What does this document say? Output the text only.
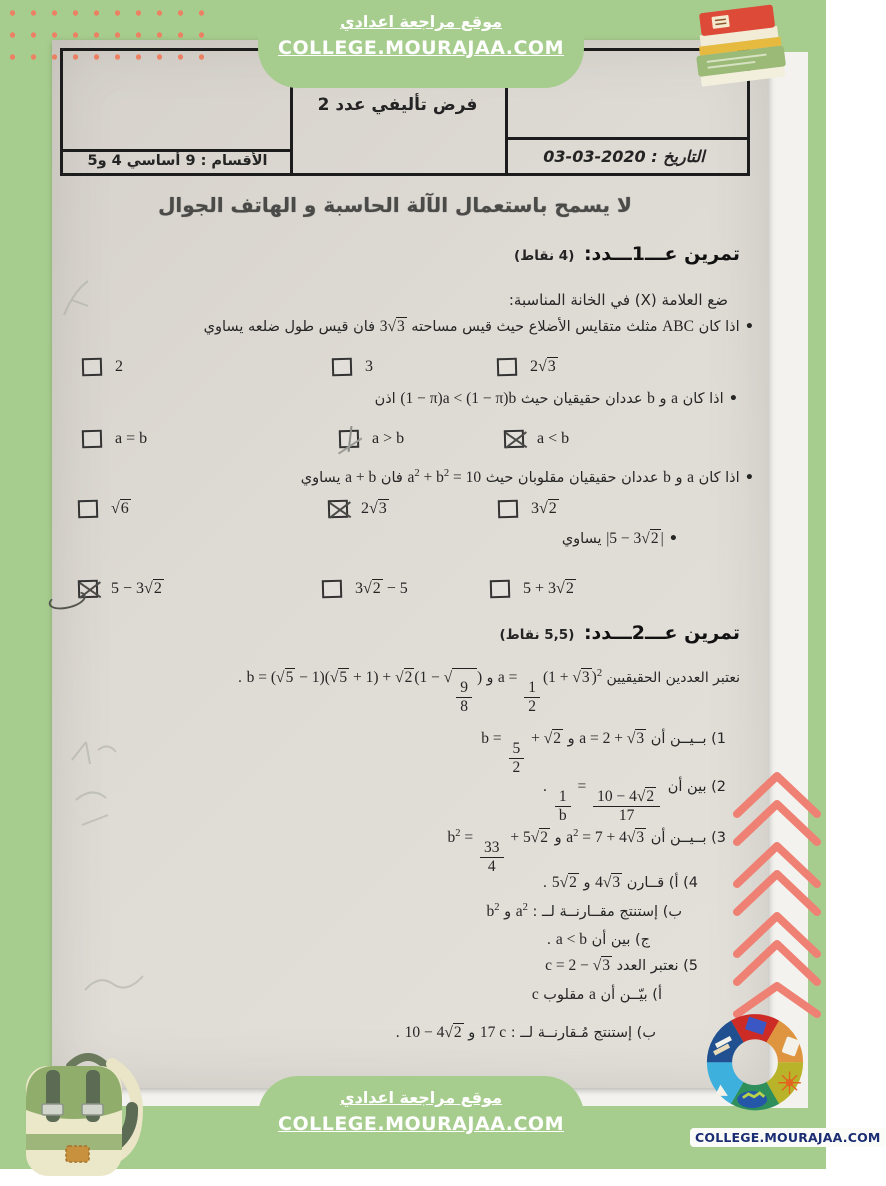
فرض تأليفي عدد 2
التاريخ : 2020-03-03
الأقسام : 9 أساسي 4 و5
لا يسمح باستعمال الآلة الحاسبة و الهاتف الجوال
تمرين عـــ1ـــدد: (4 نقاط)
ضع العلامة (X) في الخانة المناسبة:
• اذا كان ABC مثلث متقايس الأضلاع حيث قيس مساحته 3√3 فان قيس طول ضلعه يساوي
2	3	2√3
• اذا كان a و b عددان حقيقيان حيث (1 − π)a < (1 − π)b اذن
a = b	a > b	a < b
• اذا كان a و b عددان حقيقيان مقلوبان حيث $a^2 + b^2 = 10$ فان a + b يساوي
√6	2√3	3√2
• |5 − 3√2 | يساوي
5 − 3√2	3√2 − 5	5 + 3√2
تمرين عـــ2ـــدد: (5,5 نقاط)
نعتبر العددين الحقيقيين a =
$\frac{1}{2}$
(1 + √3 )$^2$ و b = (√5 − 1)(√5 + 1) + √2 (1 − √
$\frac{9}{8}$
) .
1) بــيــن أن a = 2 + √3 و b =
$\frac{5}{2}$
+ √2
2) بين أن
$\frac{1}{b}$
=
$\frac{10 - 4√2}{17}$
.
3) بــيــن أن $a^2 = 7 + 4√3$ و $b^2$ =
$\frac{33}{4}$
+ 5√2
4) أ) قــارن 4√3 و 5√2 .
ب) إستنتج مقــارنــة لــ : $a^2$ و $b^2$
ج) بين أن a < b .
5) نعتبر العدد c = 2 − √3
أ) بيّــن أن a مقلوب c
ب) إستنتج مُـقارنــة لــ : 17 c و 10 − 4√2 .
موقع مراجعة اعدادي
COLLEGE.MOURAJAA.COM
موقع مراجعة اعدادي
COLLEGE.MOURAJAA.COM
COLLEGE.MOURAJAA.COM
